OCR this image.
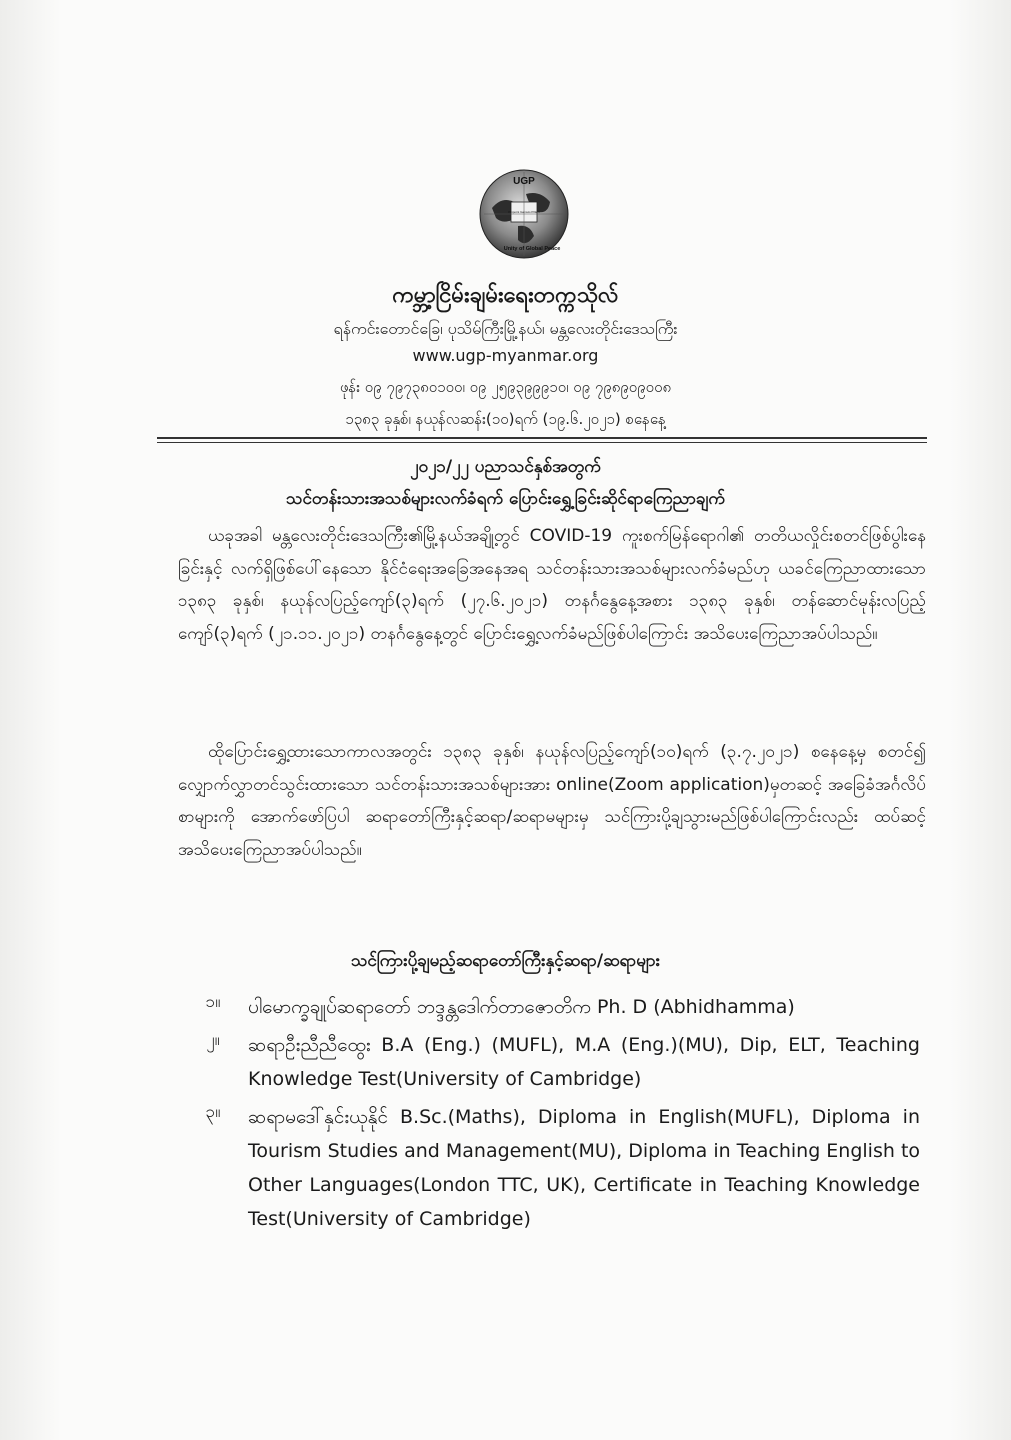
UGP
Pinpoint Gamuts Pillars
Unity of Global Peace
ကမ္ဘာ့ငြိမ်းချမ်းရေးတက္ကသိုလ်
ရန်ကင်းတောင်ခြေ၊ ပုသိမ်ကြီးမြို့နယ်၊ မန္တလေးတိုင်းဒေသကြီး
www.ugp-myanmar.org
ဖုန်း ၀၉ ၇၉၇၃၈၀၁၀၀၊ ၀၉ ၂၅၉၃၉၉၉၁၀၊ ၀၉ ၇၉၈၉၀၉၀၀၈
၁၃၈၃ ခုနှစ်၊ နယုန်လဆန်း(၁၀)ရက် (၁၉.၆.၂၀၂၁) စနေနေ့
၂၀၂၁/၂၂ ပညာသင်နှစ်အတွက်
သင်တန်းသားအသစ်များလက်ခံရက် ပြောင်းရွှေ့ခြင်းဆိုင်ရာကြေညာချက်
ယခုအခါ မန္တလေးတိုင်းဒေသကြီး၏မြို့နယ်အချို့တွင် COVID-19 ကူးစက်မြန်ရောဂါ၏ တတိယလှိုင်းစတင်ဖြစ်ပွါးနေခြင်းနှင့် လက်ရှိဖြစ်ပေါ်နေသော နိုင်ငံရေးအခြေအနေအရ သင်တန်းသားအသစ်များလက်ခံမည်ဟု ယခင်ကြေညာထားသော ၁၃၈၃ ခုနှစ်၊ နယုန်လပြည့်ကျော်(၃)ရက် (၂၇.၆.၂၀၂၁) တနင်္ဂနွေနေ့အစား ၁၃၈၃ ခုနှစ်၊ တန်ဆောင်မုန်းလပြည့်ကျော်(၃)ရက် (၂၁.၁၁.၂၀၂၁) တနင်္ဂနွေနေ့တွင် ပြောင်းရွှေ့လက်ခံမည်ဖြစ်ပါကြောင်း အသိပေးကြေညာအပ်ပါသည်။
ထိုပြောင်းရွှေ့ထားသောကာလအတွင်း ၁၃၈၃ ခုနှစ်၊ နယုန်လပြည့်ကျော်(၁၀)ရက် (၃.၇.၂၀၂၁) စနေနေ့မှ စတင်၍ လျှောက်လွှာတင်သွင်းထားသော သင်တန်းသားအသစ်များအား online(Zoom application)မှတဆင့် အခြေခံအင်္ဂလိပ်စာများကို အောက်ဖော်ပြပါ ဆရာတော်ကြီးနှင့်ဆရာ/ဆရာမများမှ သင်ကြားပို့ချသွားမည်ဖြစ်ပါကြောင်းလည်း ထပ်ဆင့် အသိပေးကြေညာအပ်ပါသည်။
သင်ကြားပို့ချမည့်ဆရာတော်ကြီးနှင့်ဆရာ/ဆရာများ
၁။	ပါမောက္ခချုပ်ဆရာတော် ဘဒ္ဒန္တဒေါက်တာဇောတိက Ph. D (Abhidhamma)
၂။	ဆရာဦးညီညီထွေး B.A (Eng.) (MUFL), M.A (Eng.)(MU), Dip, ELT, Teaching Knowledge Test(University of Cambridge)
၃။	ဆရာမဒေါ်နှင်းယုနိုင် B.Sc.(Maths), Diploma in English(MUFL), Diploma in Tourism Studies and Management(MU), Diploma in Teaching English to Other Languages(London TTC, UK), Certificate in Teaching Knowledge Test(University of Cambridge)
